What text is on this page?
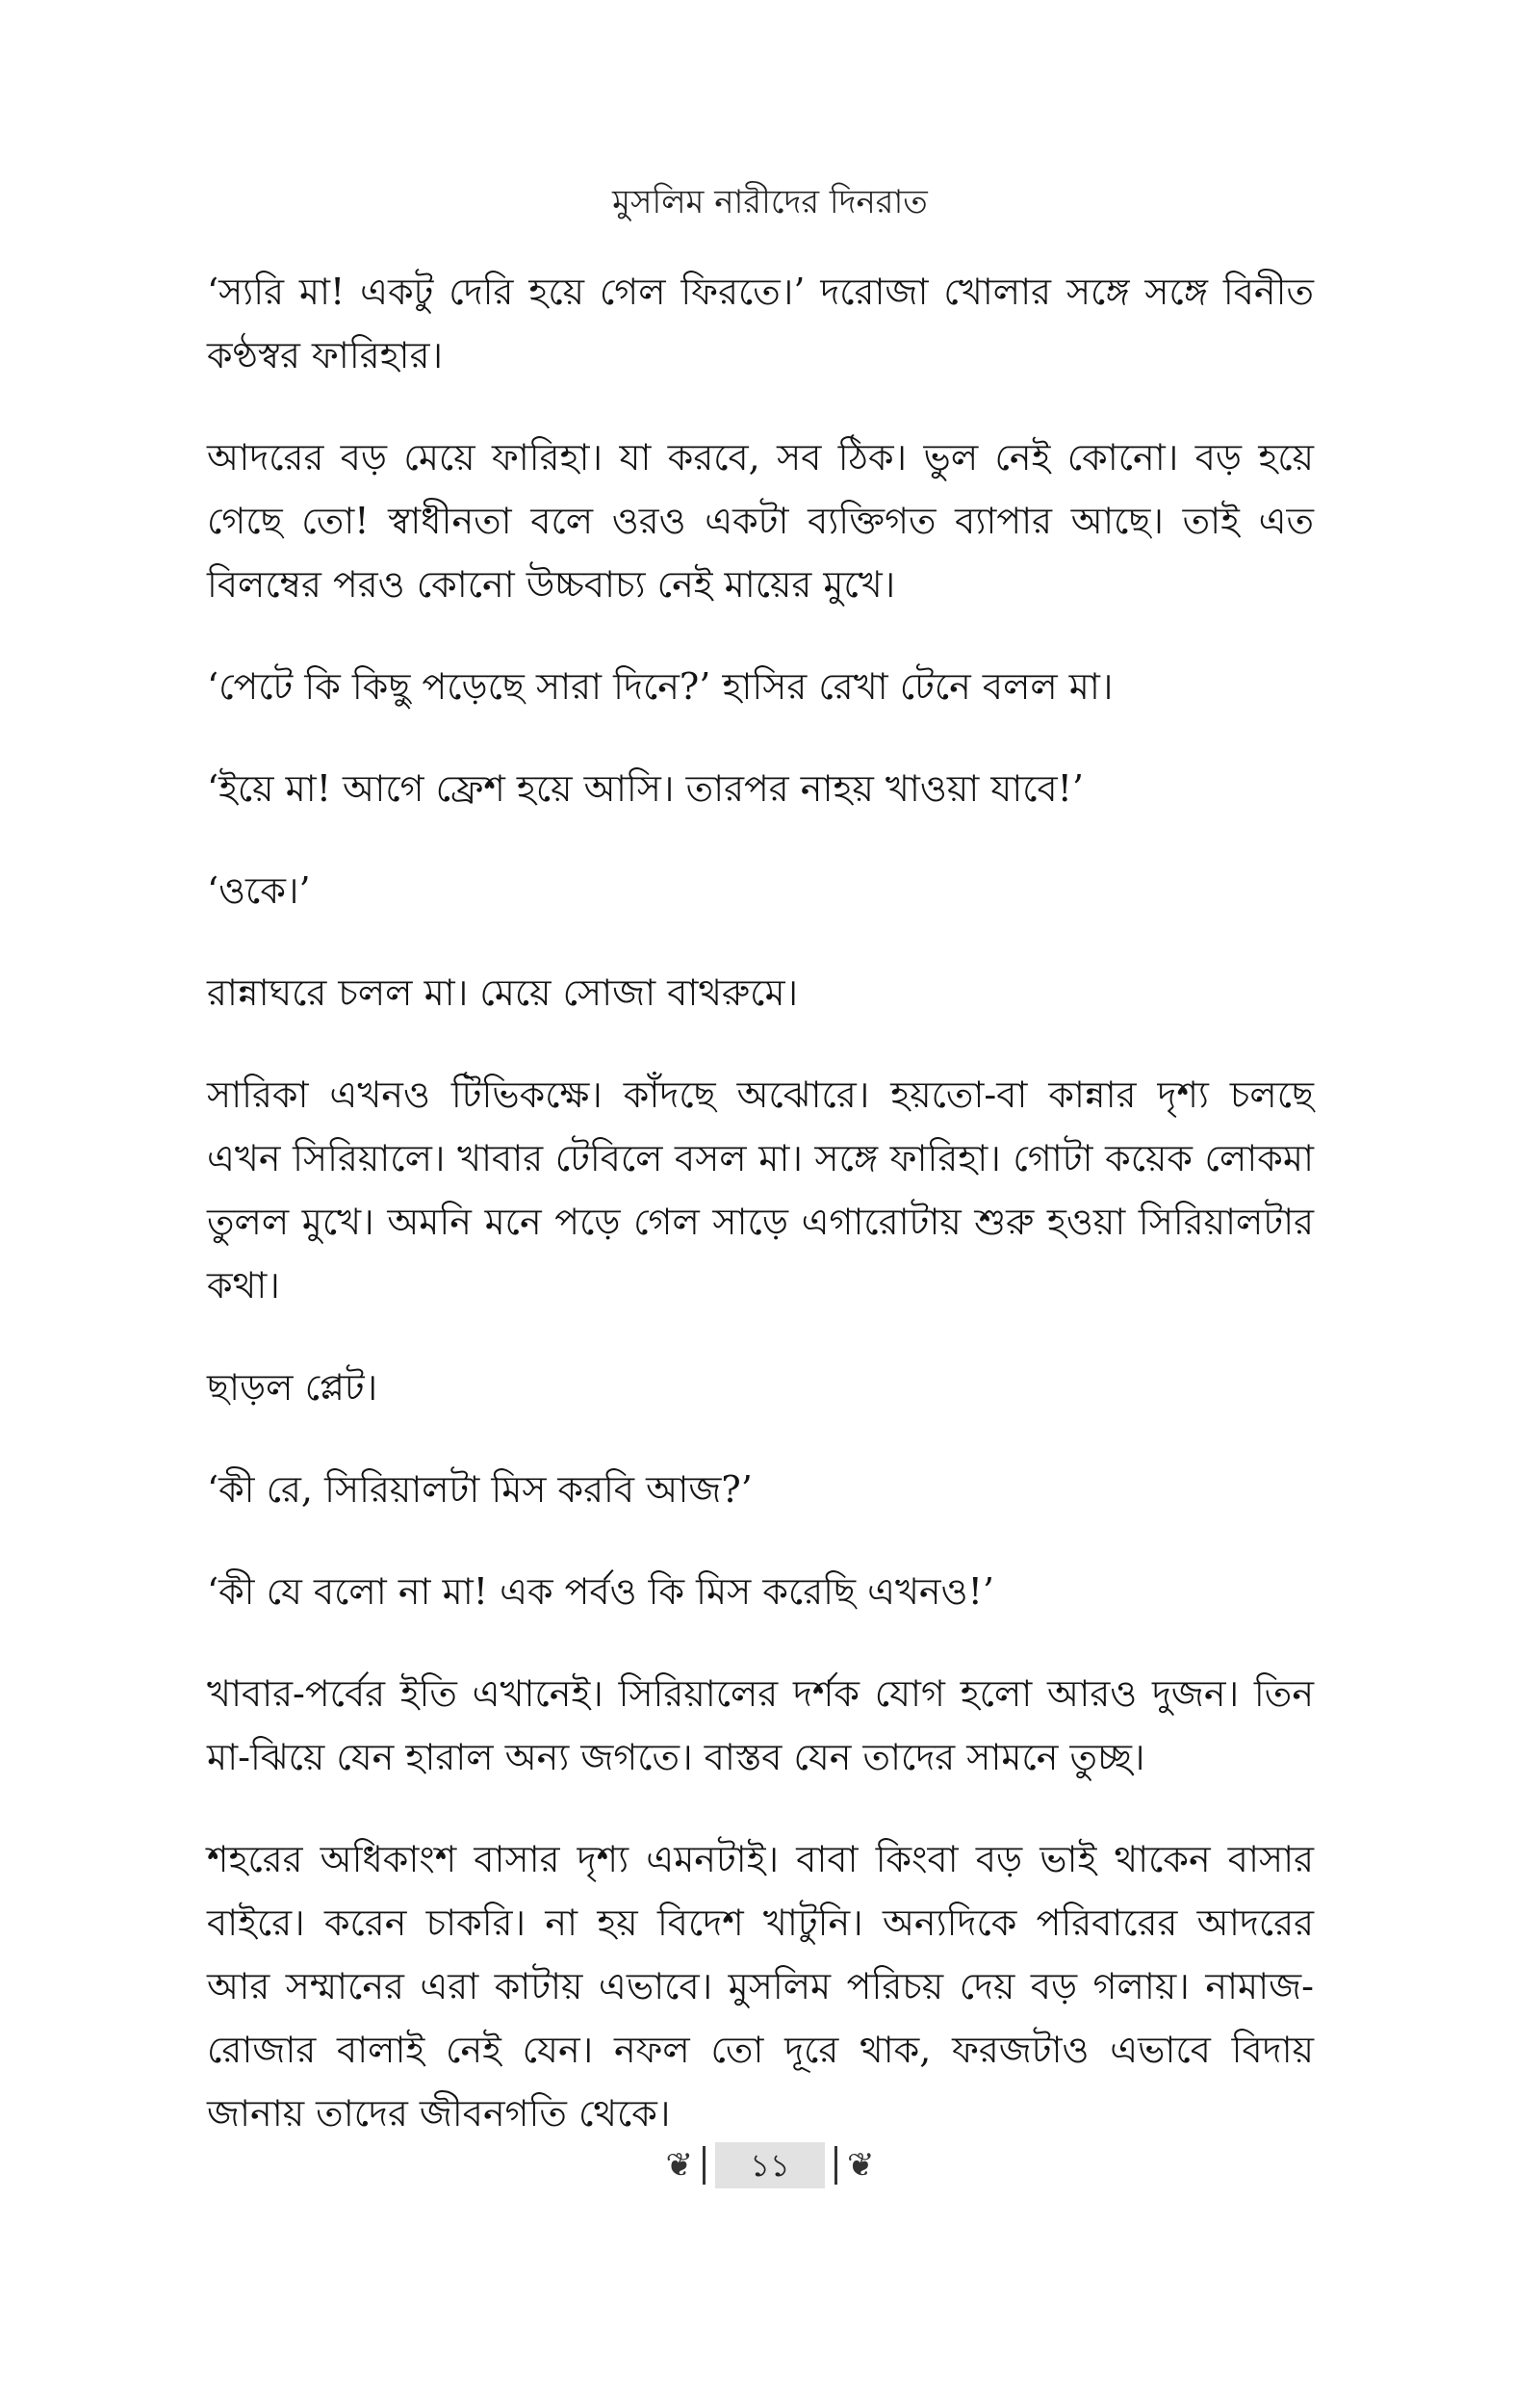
মুসলিম নারীদের দিনরাত

‘স্যরি মা! একটু দেরি হয়ে গেল ফিরতে।’ দরোজা খোলার সঙ্গে সঙ্গে বিনীত কণ্ঠস্বর ফারিহার।

আদরের বড় মেয়ে ফারিহা। যা করবে, সব ঠিক। ভুল নেই কোনো। বড় হয়ে গেছে তো! স্বাধীনতা বলে ওরও একটা ব্যক্তিগত ব্যাপার আছে। তাই এত বিলম্বের পরও কোনো উচ্চবাচ্য নেই মায়ের মুখে।

‘পেটে কি কিছু পড়েছে সারা দিনে?’ হাসির রেখা টেনে বলল মা।

‘ইয়ে মা! আগে ফ্রেশ হয়ে আসি। তারপর নাহয় খাওয়া যাবে!’

‘ওকে।’

রান্নাঘরে চলল মা। মেয়ে সোজা বাথরুমে।

সারিকা এখনও টিভিকক্ষে। কাঁদছে অঝোরে। হয়তো-বা কান্নার দৃশ্য চলছে এখন সিরিয়ালে। খাবার টেবিলে বসল মা। সঙ্গে ফারিহা। গোটা কয়েক লোকমা তুলল মুখে। অমনি মনে পড়ে গেল সাড়ে এগারোটায় শুরু হওয়া সিরিয়ালটার কথা।

ছাড়ল প্লেট।

‘কী রে, সিরিয়ালটা মিস করবি আজ?’

‘কী যে বলো না মা! এক পর্বও কি মিস করেছি এখনও!’

খাবার-পর্বের ইতি এখানেই। সিরিয়ালের দর্শক যোগ হলো আরও দুজন। তিন মা-ঝিয়ে যেন হারাল অন্য জগতে। বাস্তব যেন তাদের সামনে তুচ্ছ।

শহরের অধিকাংশ বাসার দৃশ্য এমনটাই। বাবা কিংবা বড় ভাই থাকেন বাসার বাইরে। করেন চাকরি। না হয় বিদেশ খাটুনি। অন্যদিকে পরিবারের আদরের আর সম্মানের এরা কাটায় এভাবে। মুসলিম পরিচয় দেয় বড় গলায়। নামাজ-রোজার বালাই নেই যেন। নফল তো দূরে থাক, ফরজটাও এভাবে বিদায় জানায় তাদের জীবনগতি থেকে।

❦	১১	❦
